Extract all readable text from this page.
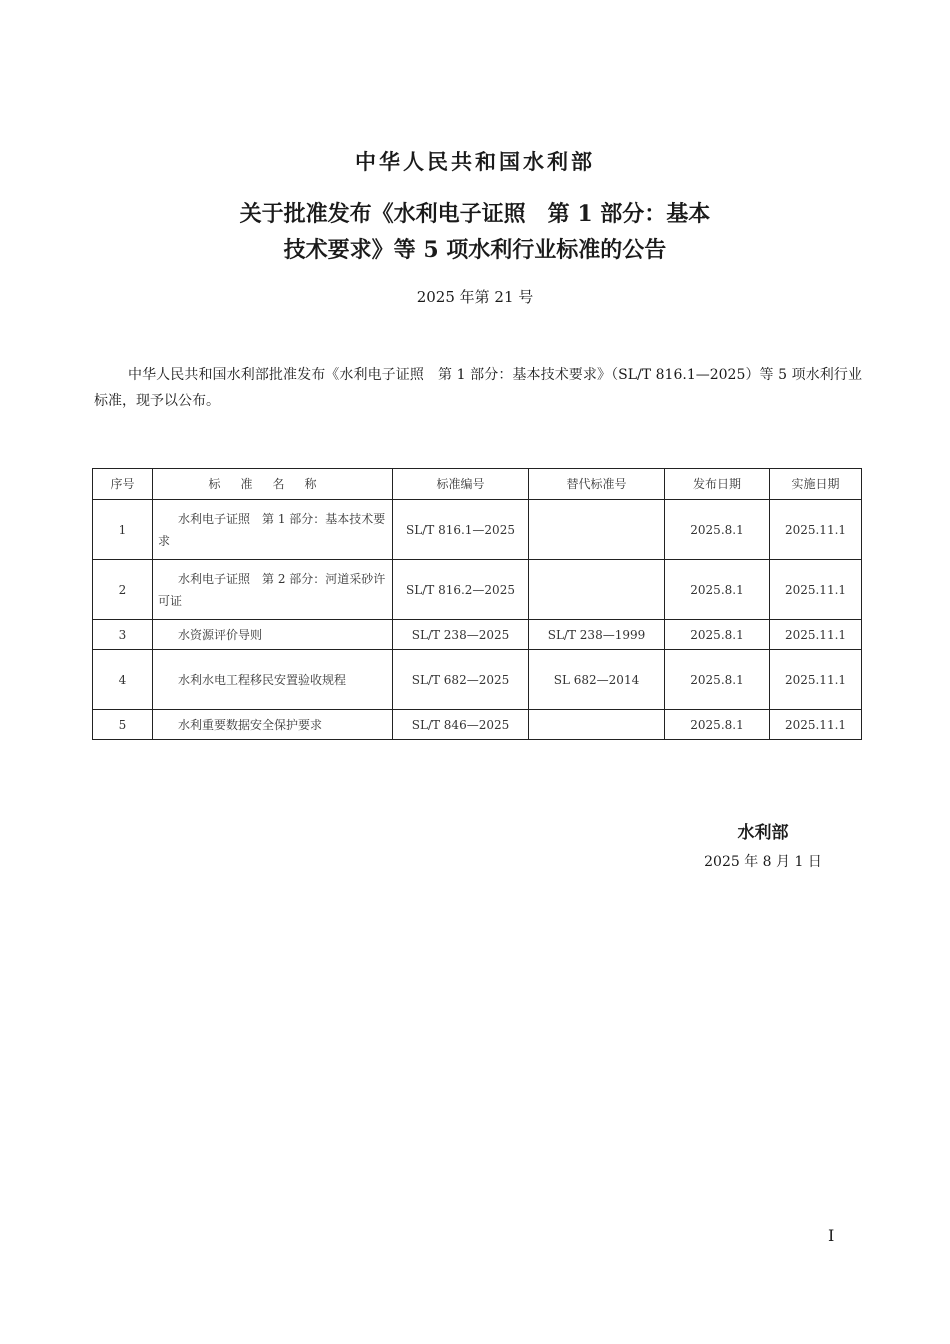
中华人民共和国水利部
关于批准发布《水利电子证照　第 1 部分：基本
技术要求》等 5 项水利行业标准的公告
2025 年第 21 号
中华人民共和国水利部批准发布《水利电子证照　第 1 部分：基本技术要求》（SL/T 816.1—2025）等 5 项水利行业标准，现予以公布。
序号	标准名称	标准编号	替代标准号	发布日期	实施日期
1	水利电子证照　第 1 部分：基本技术要求	SL/T 816.1—2025		2025.8.1	2025.11.1
2	水利电子证照　第 2 部分：河道采砂许可证	SL/T 816.2—2025		2025.8.1	2025.11.1
3	水资源评价导则	SL/T 238—2025	SL/T 238—1999	2025.8.1	2025.11.1
4	水利水电工程移民安置验收规程	SL/T 682—2025	SL 682—2014	2025.8.1	2025.11.1
5	水利重要数据安全保护要求	SL/T 846—2025		2025.8.1	2025.11.1
水利部
2025 年 8 月 1 日
I
